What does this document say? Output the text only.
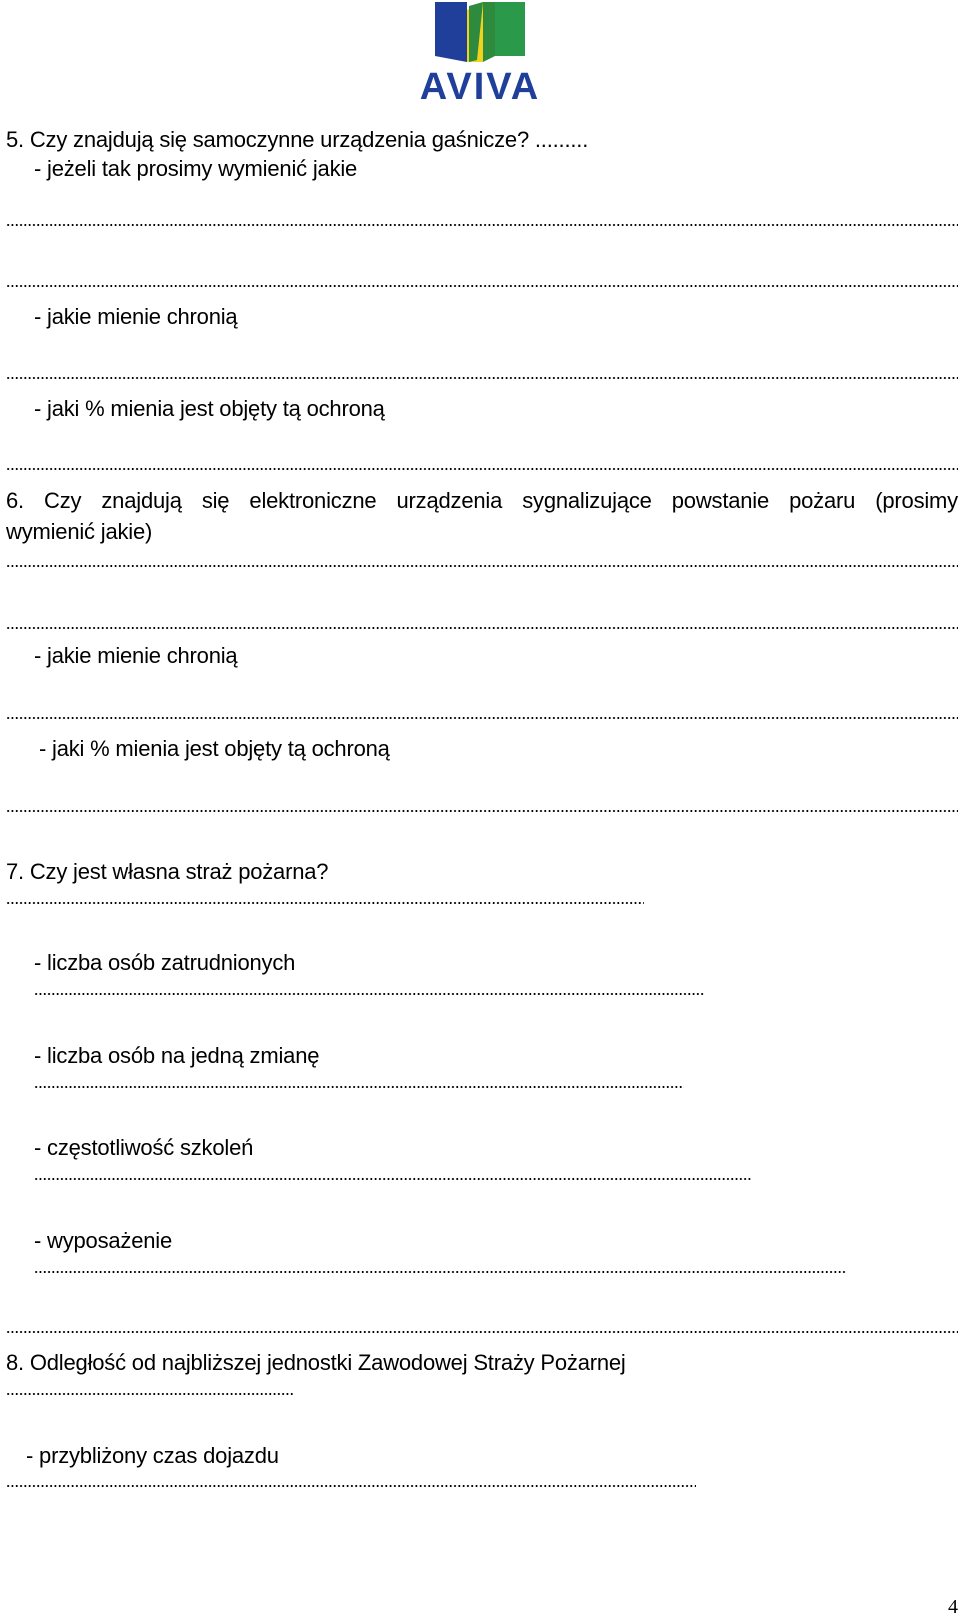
AVIVA
5. Czy znajdują się samoczynne urządzenia gaśnicze? .........
- jeżeli tak prosimy wymienić jakie
- jakie mienie chronią
- jaki % mienia jest objęty tą ochroną
6. Czy znajdują się elektroniczne urządzenia sygnalizujące powstanie pożaru (prosimy
wymienić jakie)
- jakie mienie chronią
- jaki % mienia jest objęty tą ochroną
7. Czy jest własna straż pożarna?
- liczba osób zatrudnionych
- liczba osób na jedną zmianę
- częstotliwość szkoleń
- wyposażenie
8. Odległość od najbliższej jednostki Zawodowej Straży Pożarnej
- przybliżony czas dojazdu
4
